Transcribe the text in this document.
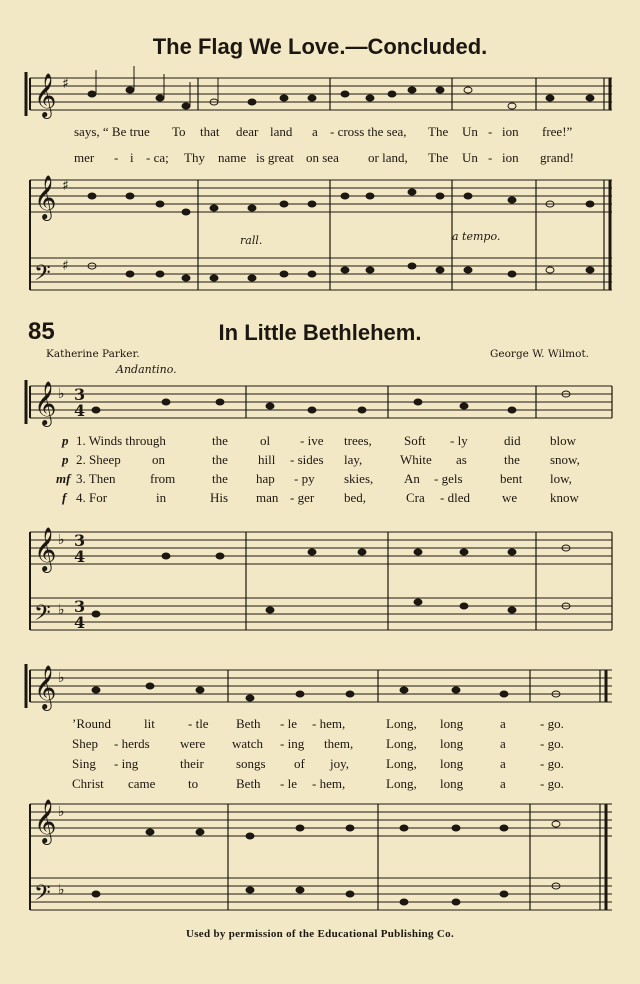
𝄞
𝄞
𝄢
♯
♯
♯
𝄞
𝄞
𝄢
♭
♭
♭
3
4
3
4
3
4
𝄞
𝄞
𝄢
♭
♭
♭
The Flag We Love.—Concluded.
says, “ Be true To that dear land a - cross the sea, The Un - ion free!”
mer - i - ca; Thy name is great on sea or land, The Un - ion grand!
rall.	a tempo.
85	In Little Bethlehem.
Katherine Parker.	George W. Wilmot.
Andantino.
p 1. Winds through	the ol - ive trees, Soft - ly	did blow
p 2. Sheep on	the hill - sides lay,	White as	the snow,
mf 3. Then	from	the hap - py skies, An - gels	bent low,
f 4. For	in	His man - ger bed,	Cra - dled we	know
’Round	lit	- tle Beth - le - hem,	Long, long	a	- go.
Shep - herds were watch - ing them,	Long, long	a	- go.
Sing - ing	their songs of joy,	Long, long	a	- go.
Christ came	to	Beth - le - hem,	Long, long	a	- go.
Used by permission of the Educational Publishing Co.
